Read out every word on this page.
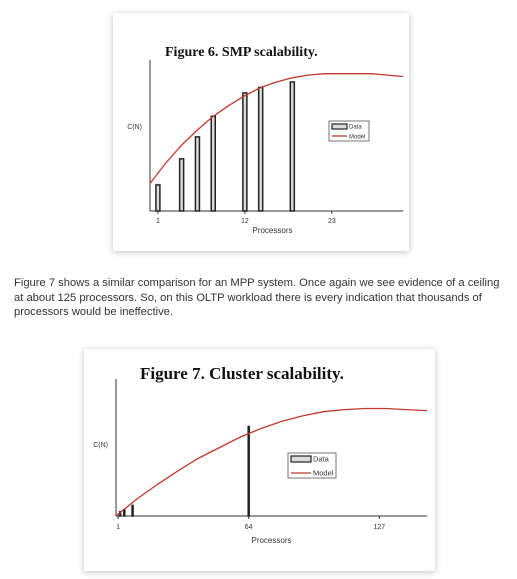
Figure 6. SMP scalability.
1	12	23
Processors
C(N)	Data
Model

Figure 7 shows a similar comparison for an MPP system. Once again we see evidence of a ceiling at about 125 processors. So, on this OLTP workload there is every indication that thousands of processors would be ineffective.

Figure 7. Cluster scalability.
1	64	127
Processors
C(N)
Data
Model
